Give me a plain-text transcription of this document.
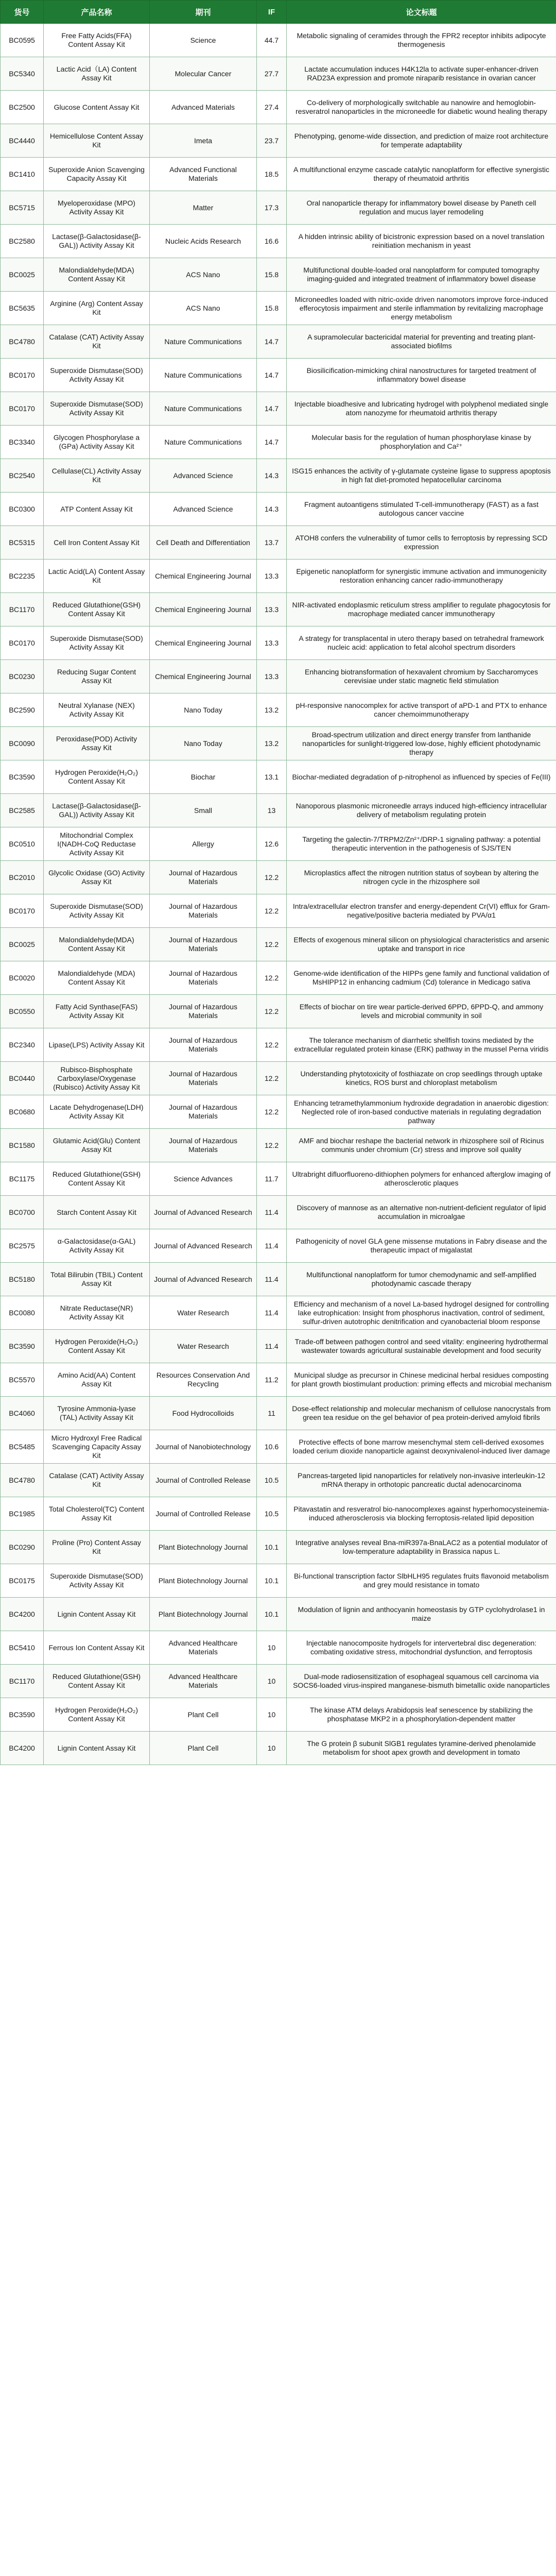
货号	产品名称	期刊	IF	论文标题
BC0595	Free Fatty Acids(FFA) Content Assay Kit	Science	44.7	Metabolic signaling of ceramides through the FPR2 receptor inhibits adipocyte thermogenesis
BC5340	Lactic Acid（LA) Content Assay Kit	Molecular Cancer	27.7	Lactate accumulation induces H4K12la to activate super-enhancer-driven RAD23A expression and promote niraparib resistance in ovarian cancer
BC2500	Glucose Content Assay Kit	Advanced Materials	27.4	Co-delivery of morphologically switchable au nanowire and hemoglobin-resveratrol nanoparticles in the microneedle for diabetic wound healing therapy
BC4440	Hemicellulose Content Assay Kit	Imeta	23.7	Phenotyping, genome-wide dissection, and prediction of maize root architecture for temperate adaptability
BC1410	Superoxide Anion Scavenging Capacity Assay Kit	Advanced Functional Materials	18.5	A multifunctional enzyme cascade catalytic nanoplatform for effective synergistic therapy of rheumatoid arthritis
BC5715	Myeloperoxidase (MPO) Activity Assay Kit	Matter	17.3	Oral nanoparticle therapy for inflammatory bowel disease by Paneth cell regulation and mucus layer remodeling
BC2580	Lactase(β-Galactosidase(β-GAL)) Activity Assay Kit	Nucleic Acids Research	16.6	A hidden intrinsic ability of bicistronic expression based on a novel translation reinitiation mechanism in yeast
BC0025	Malondialdehyde(MDA) Content Assay Kit	ACS Nano	15.8	Multifunctional double-loaded oral nanoplatform for computed tomography imaging-guided and integrated treatment of inflammatory bowel disease
BC5635	Arginine (Arg) Content Assay Kit	ACS Nano	15.8	Microneedles loaded with nitric-oxide driven nanomotors improve force-induced efferocytosis impairment and sterile inflammation by revitalizing macrophage energy metabolism
BC4780	Catalase (CAT) Activity Assay Kit	Nature Communications	14.7	A supramolecular bactericidal material for preventing and treating plant-associated biofilms
BC0170	Superoxide Dismutase(SOD) Activity Assay Kit	Nature Communications	14.7	Biosilicification-mimicking chiral nanostructures for targeted treatment of inflammatory bowel disease
BC0170	Superoxide Dismutase(SOD) Activity Assay Kit	Nature Communications	14.7	Injectable bioadhesive and lubricating hydrogel with polyphenol mediated single atom nanozyme for rheumatoid arthritis therapy
BC3340	Glycogen Phosphorylase a (GPa) Activity Assay Kit	Nature Communications	14.7	Molecular basis for the regulation of human phosphorylase kinase by phosphorylation and Ca²⁺
BC2540	Cellulase(CL) Activity Assay Kit	Advanced Science	14.3	ISG15 enhances the activity of γ-glutamate cysteine ligase to suppress apoptosis in high fat diet-promoted hepatocellular carcinoma
BC0300	ATP Content Assay Kit	Advanced Science	14.3	Fragment autoantigens stimulated T-cell-immunotherapy (FAST) as a fast autologous cancer vaccine
BC5315	Cell Iron Content Assay Kit	Cell Death and Differentiation	13.7	ATOH8 confers the vulnerability of tumor cells to ferroptosis by repressing SCD expression
BC2235	Lactic Acid(LA) Content Assay Kit	Chemical Engineering Journal	13.3	Epigenetic nanoplatform for synergistic immune activation and immunogenicity restoration enhancing cancer radio-immunotherapy
BC1170	Reduced Glutathione(GSH) Content Assay Kit	Chemical Engineering Journal	13.3	NIR-activated endoplasmic reticulum stress amplifier to regulate phagocytosis for macrophage mediated cancer immunotherapy
BC0170	Superoxide Dismutase(SOD) Activity Assay Kit	Chemical Engineering Journal	13.3	A strategy for transplacental in utero therapy based on tetrahedral framework nucleic acid: application to fetal alcohol spectrum disorders
BC0230	Reducing Sugar Content Assay Kit	Chemical Engineering Journal	13.3	Enhancing biotransformation of hexavalent chromium by Saccharomyces cerevisiae under static magnetic field stimulation
BC2590	Neutral Xylanase (NEX) Activity Assay Kit	Nano Today	13.2	pH-responsive nanocomplex for active transport of aPD-1 and PTX to enhance cancer chemoimmunotherapy
BC0090	Peroxidase(POD) Activity Assay Kit	Nano Today	13.2	Broad-spectrum utilization and direct energy transfer from lanthanide nanoparticles for sunlight-triggered low-dose, highly efficient photodynamic therapy
BC3590	Hydrogen Peroxide(H₂O₂) Content Assay Kit	Biochar	13.1	Biochar-mediated degradation of p-nitrophenol as influenced by species of Fe(III)
BC2585	Lactase(β-Galactosidase(β-GAL)) Activity Assay Kit	Small	13	Nanoporous plasmonic microneedle arrays induced high-efficiency intracellular delivery of metabolism regulating protein
BC0510	Mitochondrial Complex I(NADH-CoQ Reductase Activity Assay Kit	Allergy	12.6	Targeting the galectin-7/TRPM2/Zn²⁺/DRP-1 signaling pathway: a potential therapeutic intervention in the pathogenesis of SJS/TEN
BC2010	Glycolic Oxidase (GO) Activity Assay Kit	Journal of Hazardous Materials	12.2	Microplastics affect the nitrogen nutrition status of soybean by altering the nitrogen cycle in the rhizosphere soil
BC0170	Superoxide Dismutase(SOD) Activity Assay Kit	Journal of Hazardous Materials	12.2	Intra/extracellular electron transfer and energy-dependent Cr(VI) efflux for Gram-negative/positive bacteria mediated by PVA/α1
BC0025	Malondialdehyde(MDA) Content Assay Kit	Journal of Hazardous Materials	12.2	Effects of exogenous mineral silicon on physiological characteristics and arsenic uptake and transport in rice
BC0020	Malondialdehyde (MDA) Content Assay Kit	Journal of Hazardous Materials	12.2	Genome-wide identification of the HIPPs gene family and functional validation of MsHIPP12 in enhancing cadmium (Cd) tolerance in Medicago sativa
BC0550	Fatty Acid Synthase(FAS) Activity Assay Kit	Journal of Hazardous Materials	12.2	Effects of biochar on tire wear particle-derived 6PPD, 6PPD-Q, and ammony levels and microbial community in soil
BC2340	Lipase(LPS) Activity Assay Kit	Journal of Hazardous Materials	12.2	The tolerance mechanism of diarrhetic shellfish toxins mediated by the extracellular regulated protein kinase (ERK) pathway in the mussel Perna viridis
BC0440	Rubisco-Bisphosphate Carboxylase/Oxygenase (Rubisco) Activity Assay Kit	Journal of Hazardous Materials	12.2	Understanding phytotoxicity of fosthiazate on crop seedlings through uptake kinetics, ROS burst and chloroplast metabolism
BC0680	Lacate Dehydrogenase(LDH) Activity Assay Kit	Journal of Hazardous Materials	12.2	Enhancing tetramethylammonium hydroxide degradation in anaerobic digestion: Neglected role of iron-based conductive materials in regulating degradation pathway
BC1580	Glutamic Acid(Glu) Content Assay Kit	Journal of Hazardous Materials	12.2	AMF and biochar reshape the bacterial network in rhizosphere soil of Ricinus communis under chromium (Cr) stress and improve soil quality
BC1175	Reduced Glutathione(GSH) Content Assay Kit	Science Advances	11.7	Ultrabright difluorfluoreno-dithiophen polymers for enhanced afterglow imaging of atherosclerotic plaques
BC0700	Starch Content Assay Kit	Journal of Advanced Research	11.4	Discovery of mannose as an alternative non-nutrient-deficient regulator of lipid accumulation in microalgae
BC2575	α-Galactosidase(α-GAL) Activity Assay Kit	Journal of Advanced Research	11.4	Pathogenicity of novel GLA gene missense mutations in Fabry disease and the therapeutic impact of migalastat
BC5180	Total Bilirubin (TBIL) Content Assay Kit	Journal of Advanced Research	11.4	Multifunctional nanoplatform for tumor chemodynamic and self-amplified photodynamic cascade therapy
BC0080	Nitrate Reductase(NR) Activity Assay Kit	Water Research	11.4	Efficiency and mechanism of a novel La-based hydrogel designed for controlling lake eutrophication: Insight from phosphorus inactivation, control of sediment, sulfur-driven autotrophic denitrification and cyanobacterial bloom response
BC3590	Hydrogen Peroxide(H₂O₂) Content Assay Kit	Water Research	11.4	Trade-off between pathogen control and seed vitality: engineering hydrothermal wastewater towards agricultural sustainable development and food security
BC5570	Amino Acid(AA) Content Assay Kit	Resources Conservation And Recycling	11.2	Municipal sludge as precursor in Chinese medicinal herbal residues composting for plant growth biostimulant production: priming effects and microbial mechanism
BC4060	Tyrosine Ammonia-lyase (TAL) Activity Assay Kit	Food Hydrocolloids	11	Dose-effect relationship and molecular mechanism of cellulose nanocrystals from green tea residue on the gel behavior of pea protein-derived amyloid fibrils
BC5485	Micro Hydroxyl Free Radical Scavenging Capacity Assay Kit	Journal of Nanobiotechnology	10.6	Protective effects of bone marrow mesenchymal stem cell-derived exosomes loaded cerium dioxide nanoparticle against deoxynivalenol-induced liver damage
BC4780	Catalase (CAT) Activity Assay Kit	Journal of Controlled Release	10.5	Pancreas-targeted lipid nanoparticles for relatively non-invasive interleukin-12 mRNA therapy in orthotopic pancreatic ductal adenocarcinoma
BC1985	Total Cholesterol(TC) Content Assay Kit	Journal of Controlled Release	10.5	Pitavastatin and resveratrol bio-nanocomplexes against hyperhomocysteinemia-induced atherosclerosis via blocking ferroptosis-related lipid deposition
BC0290	Proline (Pro) Content Assay Kit	Plant Biotechnology Journal	10.1	Integrative analyses reveal Bna-miR397a-BnaLAC2 as a potential modulator of low-temperature adaptability in Brassica napus L.
BC0175	Superoxide Dismutase(SOD) Activity Assay Kit	Plant Biotechnology Journal	10.1	Bi-functional transcription factor SlbHLH95 regulates fruits flavonoid metabolism and grey mould resistance in tomato
BC4200	Lignin Content Assay Kit	Plant Biotechnology Journal	10.1	Modulation of lignin and anthocyanin homeostasis by GTP cyclohydrolase1 in maize
BC5410	Ferrous Ion Content Assay Kit	Advanced Healthcare Materials	10	Injectable nanocomposite hydrogels for intervertebral disc degeneration: combating oxidative stress, mitochondrial dysfunction, and ferroptosis
BC1170	Reduced Glutathione(GSH) Content Assay Kit	Advanced Healthcare Materials	10	Dual-mode radiosensitization of esophageal squamous cell carcinoma via SOCS6-loaded virus-inspired manganese-bismuth bimetallic oxide nanoparticles
BC3590	Hydrogen Peroxide(H₂O₂) Content Assay Kit	Plant Cell	10	The kinase ATM delays Arabidopsis leaf senescence by stabilizing the phosphatase MKP2 in a phosphorylation-dependent matter
BC4200	Lignin Content Assay Kit	Plant Cell	10	The G protein β subunit SlGB1 regulates tyramine-derived phenolamide metabolism for shoot apex growth and development in tomato
